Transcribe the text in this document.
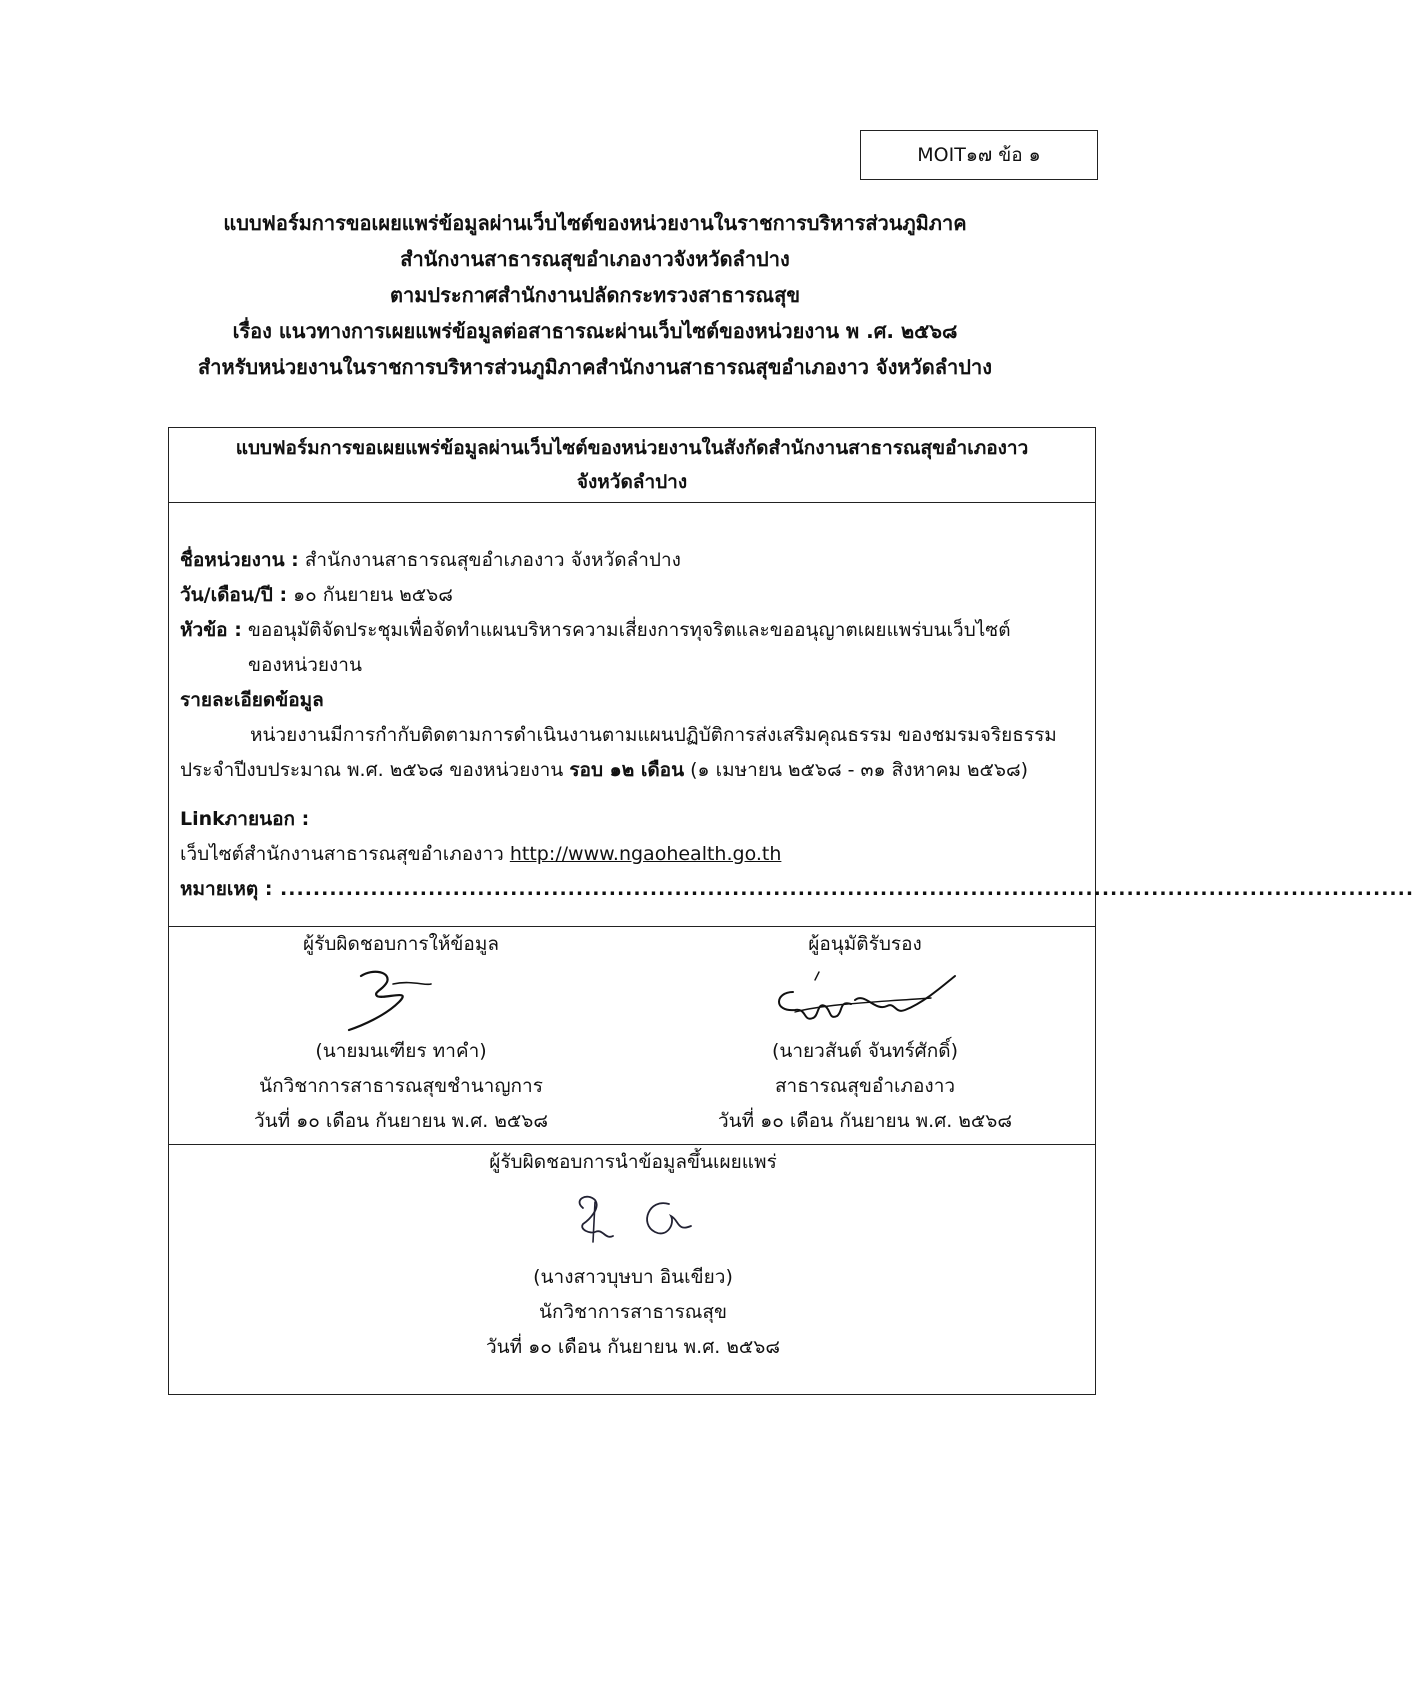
MOIT๑๗ ข้อ ๑
แบบฟอร์มการขอเผยแพร่ข้อมูลผ่านเว็บไซต์ของหน่วยงานในราชการบริหารส่วนภูมิภาค
สำนักงานสาธารณสุขอำเภองาวจังหวัดลำปาง
ตามประกาศสำนักงานปลัดกระทรวงสาธารณสุข
เรื่อง แนวทางการเผยแพร่ข้อมูลต่อสาธารณะผ่านเว็บไซต์ของหน่วยงาน พ .ศ. ๒๕๖๘
สำหรับหน่วยงานในราชการบริหารส่วนภูมิภาคสำนักงานสาธารณสุขอำเภองาว จังหวัดลำปาง
แบบฟอร์มการขอเผยแพร่ข้อมูลผ่านเว็บไซต์ของหน่วยงานในสังกัดสำนักงานสาธารณสุขอำเภองาว
จังหวัดลำปาง
ชื่อหน่วยงาน : สำนักงานสาธารณสุขอำเภองาว จังหวัดลำปาง
วัน/เดือน/ปี : ๑๐ กันยายน ๒๕๖๘
หัวข้อ : ขออนุมัติจัดประชุมเพื่อจัดทำแผนบริหารความเสี่ยงการทุจริตและขออนุญาตเผยแพร่บนเว็บไซต์
ของหน่วยงาน
รายละเอียดข้อมูล
หน่วยงานมีการกำกับติดตามการดำเนินงานตามแผนปฏิบัติการส่งเสริมคุณธรรม ของชมรมจริยธรรม
ประจำปีงบประมาณ พ.ศ. ๒๕๖๘ ของหน่วยงาน รอบ ๑๒ เดือน (๑ เมษายน ๒๕๖๘ - ๓๑ สิงหาคม ๒๕๖๘)
Linkภายนอก :
เว็บไซต์สำนักงานสาธารณสุขอำเภองาว http://www.ngaohealth.go.th
หมายเหตุ : ..........................................................................................................................................
ผู้รับผิดชอบการให้ข้อมูล
(นายมนเฑียร ทาคำ)
นักวิชาการสาธารณสุขชำนาญการ
วันที่ ๑๐ เดือน กันยายน พ.ศ. ๒๕๖๘
ผู้อนุมัติรับรอง
(นายวสันต์ จันทร์ศักดิ์)
สาธารณสุขอำเภองาว
วันที่ ๑๐ เดือน กันยายน พ.ศ. ๒๕๖๘
ผู้รับผิดชอบการนำข้อมูลขึ้นเผยแพร่
(นางสาวบุษบา อินเขียว)
นักวิชาการสาธารณสุข
วันที่ ๑๐ เดือน กันยายน พ.ศ. ๒๕๖๘
